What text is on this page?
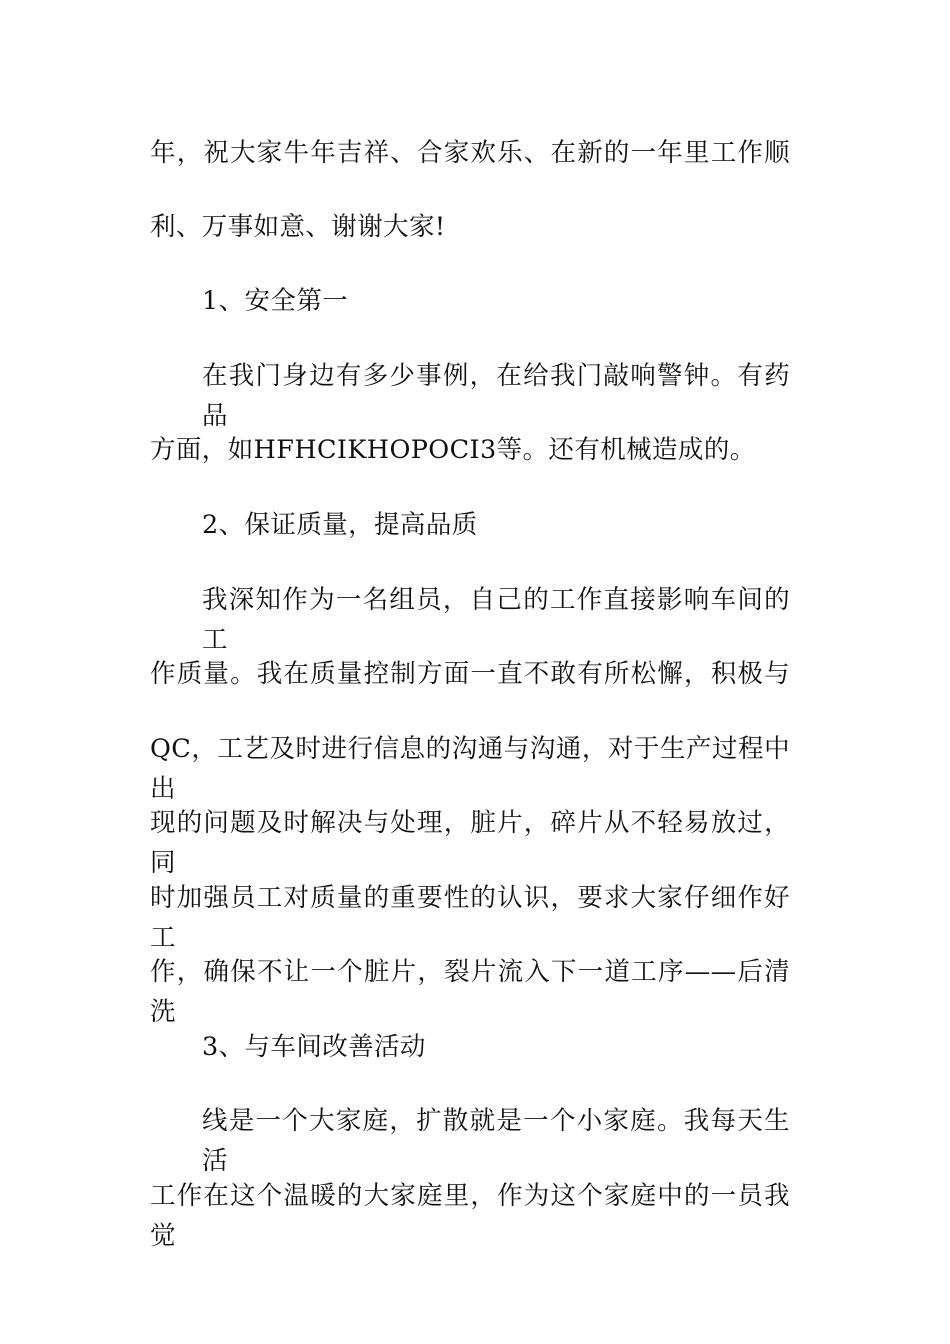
年，祝大家牛年吉祥、合家欢乐、在新的一年里工作顺
利、万事如意、谢谢大家!
1、安全第一
在我门身边有多少事例，在给我门敲响警钟。有药品
方面，如HFHCIKHOPOCI3等。还有机械造成的。
2、保证质量，提高品质
我深知作为一名组员，自己的工作直接影响车间的工
作质量。我在质量控制方面一直不敢有所松懈，积极与
QC，工艺及时进行信息的沟通与沟通，对于生产过程中出
现的问题及时解决与处理，脏片，碎片从不轻易放过，同
时加强员工对质量的重要性的认识，要求大家仔细作好工
作，确保不让一个脏片，裂片流入下一道工序——后清洗
3、与车间改善活动
线是一个大家庭，扩散就是一个小家庭。我每天生活
工作在这个温暖的大家庭里，作为这个家庭中的一员我觉
